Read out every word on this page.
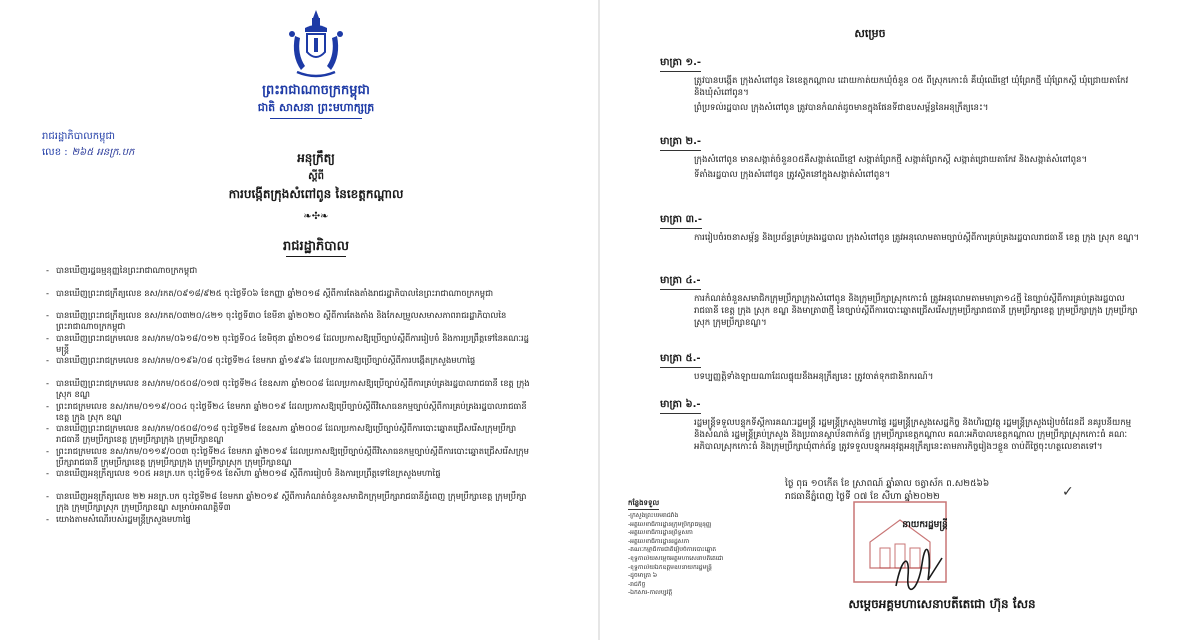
ព្រះរាជាណាចក្រកម្ពុជា
ជាតិ សាសនា ព្រះមហាក្សត្រ
រាជរដ្ឋាភិបាលកម្ពុជា
លេខ : ២៦៥ អនក្រ.បក	អនុក្រឹត្យ
ស្តីពី
ការបង្កើតក្រុងសំពៅពូន នៃខេត្តកណ្តាល
❧✣❧
រាជរដ្ឋាភិបាល
- បានឃើញរដ្ឋធម្មនុញ្ញនៃព្រះរាជាណាចក្រកម្ពុជា
- បានឃើញព្រះរាជក្រឹត្យលេខ នស/រកត/០៩១៨/៩២៥ ចុះថ្ងៃទី០៦ ខែកញ្ញា ឆ្នាំ២០១៨ ស្តីពីការតែងតាំងរាជរដ្ឋាភិបាលនៃព្រះរាជាណាចក្រកម្ពុជា
- បានឃើញព្រះរាជក្រឹត្យលេខ នស/រកត/០៣២០/៤២១ ចុះថ្ងៃទី៣០ ខែមីនា ឆ្នាំ២០២០ ស្តីពីការតែងតាំង និងកែសម្រួលសមាសភាពរាជរដ្ឋាភិបាលនៃព្រះរាជាណាចក្រកម្ពុជា
- បានឃើញព្រះរាជក្រមលេខ នស/រកម/០៦១៨/០១២ ចុះថ្ងៃទី០៤ ខែមិថុនា ឆ្នាំ២០១៨ ដែលប្រកាសឱ្យប្រើច្បាប់ស្តីពីការរៀបចំ និងការប្រព្រឹត្តទៅនៃគណៈរដ្ឋមន្ត្រី
- បានឃើញព្រះរាជក្រមលេខ នស/រកម/០១៩៦/០៨ ចុះថ្ងៃទី២៤ ខែមករា ឆ្នាំ១៩៩៦ ដែលប្រកាសឱ្យប្រើច្បាប់ស្តីពីការបង្កើតក្រសួងមហាផ្ទៃ
- បានឃើញព្រះរាជក្រមលេខ នស/រកម/០៥០៨/០១៧ ចុះថ្ងៃទី២៤ ខែឧសភា ឆ្នាំ២០០៨ ដែលប្រកាសឱ្យប្រើច្បាប់ស្តីពីការគ្រប់គ្រងរដ្ឋបាលរាជធានី ខេត្ត ក្រុង ស្រុក ខណ្ឌ
- ព្រះរាជក្រមលេខ នស/រកម/០១១៩/០០៤ ចុះថ្ងៃទី២៤ ខែមករា ឆ្នាំ២០១៩ ដែលប្រកាសឱ្យប្រើច្បាប់ស្តីពីវិសោធនកម្មច្បាប់ស្តីពីការគ្រប់គ្រងរដ្ឋបាលរាជធានី ខេត្ត ក្រុង ស្រុក ខណ្ឌ
- បានឃើញព្រះរាជក្រមលេខ នស/រកម/០៥០៨/០១៨ ចុះថ្ងៃទី២៨ ខែឧសភា ឆ្នាំ២០០៨ ដែលប្រកាសឱ្យប្រើច្បាប់ស្តីពីការបោះឆ្នោតជ្រើសរើសក្រុមប្រឹក្សារាជធានី ក្រុមប្រឹក្សាខេត្ត ក្រុមប្រឹក្សាក្រុង ក្រុមប្រឹក្សាខណ្ឌ
- ព្រះរាជក្រមលេខ នស/រកម/០១១៩/០០៣ ចុះថ្ងៃទី២៤ ខែមករា ឆ្នាំ២០១៩ ដែលប្រកាសឱ្យប្រើច្បាប់ស្តីពីវិសោធនកម្មច្បាប់ស្តីពីការបោះឆ្នោតជ្រើសរើសក្រុមប្រឹក្សារាជធានី ក្រុមប្រឹក្សាខេត្ត ក្រុមប្រឹក្សាក្រុង ក្រុមប្រឹក្សាស្រុក ក្រុមប្រឹក្សាខណ្ឌ
- បានឃើញអនុក្រឹត្យលេខ ១០៥ អនក្រ.បក ចុះថ្ងៃទី១៥ ខែសីហា ឆ្នាំ២០១៨ ស្តីពីការរៀបចំ និងការប្រព្រឹត្តទៅនៃក្រសួងមហាផ្ទៃ
- បានឃើញអនុក្រឹត្យលេខ ២២ អនក្រ.បក ចុះថ្ងៃទី២៨ ខែមករា ឆ្នាំ២០១៩ ស្តីពីការកំណត់ចំនួនសមាជិកក្រុមប្រឹក្សារាជធានីភ្នំពេញ ក្រុមប្រឹក្សាខេត្ត ក្រុមប្រឹក្សាក្រុង ក្រុមប្រឹក្សាស្រុក ក្រុមប្រឹក្សាខណ្ឌ សម្រាប់អាណត្តិទី៣
- យោងតាមសំណើរបស់រដ្ឋមន្ត្រីក្រសួងមហាផ្ទៃ
សម្រេច
មាត្រា ១.-

ត្រូវបានបង្កើត ក្រុងសំពៅពូន នៃខេត្តកណ្តាល ដោយកាត់យកឃុំចំនួន ០៥ ពីស្រុកកោះធំ គឺឃុំឈើខ្មៅ ឃុំព្រែកថ្មី ឃុំព្រែកស្តី ឃុំជ្រោយតាកែវ និងឃុំសំពៅពូន។

ព្រំប្រទល់រដ្ឋបាល ក្រុងសំពៅពូន ត្រូវបានកំណត់ដូចមានក្នុងផែនទីជាឧបសម្ព័ន្ធនៃអនុក្រឹត្យនេះ។

មាត្រា ២.-

ក្រុងសំពៅពូន មានសង្កាត់ចំនួន០៥គឺសង្កាត់ឈើខ្មៅ សង្កាត់ព្រែកថ្មី សង្កាត់ព្រែកស្តី សង្កាត់ជ្រោយតាកែវ និងសង្កាត់សំពៅពូន។

ទីតាំងរដ្ឋបាល ក្រុងសំពៅពូន ត្រូវស្ថិតនៅក្នុងសង្កាត់សំពៅពូន។

មាត្រា ៣.-

ការរៀបចំរចនាសម្ព័ន្ធ និងប្រព័ន្ធគ្រប់គ្រងរដ្ឋបាល ក្រុងសំពៅពូន ត្រូវអនុលោមតាមច្បាប់ស្តីពីការគ្រប់គ្រងរដ្ឋបាលរាជធានី ខេត្ត ក្រុង ស្រុក ខណ្ឌ។

មាត្រា ៤.-

ការកំណត់ចំនួនសមាជិកក្រុមប្រឹក្សាក្រុងសំពៅពូន និងក្រុមប្រឹក្សាស្រុកកោះធំ ត្រូវអនុលោមតាមមាត្រា១៤ថ្មី នៃច្បាប់ស្តីពីការគ្រប់គ្រងរដ្ឋបាលរាជធានី ខេត្ត ក្រុង ស្រុក ខណ្ឌ និងមាត្រា៣ថ្មី នៃច្បាប់ស្តីពីការបោះឆ្នោតជ្រើសរើសក្រុមប្រឹក្សារាជធានី ក្រុមប្រឹក្សាខេត្ត ក្រុមប្រឹក្សាក្រុង ក្រុមប្រឹក្សាស្រុក ក្រុមប្រឹក្សាខណ្ឌ។

មាត្រា ៥.-

បទប្បញ្ញត្តិទាំងឡាយណាដែលផ្ទុយនឹងអនុក្រឹត្យនេះ ត្រូវចាត់ទុកជានិរាករណ៍។

មាត្រា ៦.-

រដ្ឋមន្ត្រីទទួលបន្ទុកទីស្តីការគណៈរដ្ឋមន្ត្រី រដ្ឋមន្ត្រីក្រសួងមហាផ្ទៃ រដ្ឋមន្ត្រីក្រសួងសេដ្ឋកិច្ច និងហិរញ្ញវត្ថុ រដ្ឋមន្ត្រីក្រសួងរៀបចំដែនដី នគរូបនីយកម្ម និងសំណង់ រដ្ឋមន្ត្រីគ្រប់ក្រសួង និងប្រធានស្ថាប័នពាក់ព័ន្ធ ក្រុមប្រឹក្សាខេត្តកណ្តាល គណៈអភិបាលខេត្តកណ្តាល ក្រុមប្រឹក្សាស្រុកកោះធំ គណៈអភិបាលស្រុកកោះធំ និងក្រុមប្រឹក្សាឃុំពាក់ព័ន្ធ ត្រូវទទួលបន្ទុកអនុវត្តអនុក្រឹត្យនេះតាមភារកិច្ចរៀងៗខ្លួន ចាប់ពីថ្ងៃចុះហត្ថលេខាតទៅ។

ថ្ងៃ ពុធ ១០កើត ខែ ស្រាពណ៍ ឆ្នាំឆាល ចត្វាស័ក ព.ស២៥៦៦
រាជធានីភ្នំពេញ ថ្ងៃទី ០៧ ខែ សីហា ឆ្នាំ២០២២	✓
នាយករដ្ឋមន្ត្រី
សម្តេចអគ្គមហាសេនាបតីតេជោ ហ៊ុន សែន
កន្លែងទទួល
-ក្រសួងព្រះបរមរាជវាំង
-អគ្គលេខាធិការដ្ឋានក្រុមប្រឹក្សាធម្មនុញ្ញ
-អគ្គលេខាធិការដ្ឋានព្រឹទ្ធសភា
-អគ្គលេខាធិការដ្ឋានរដ្ឋសភា
-គណៈកម្មាធិការជាតិរៀបចំការបោះឆ្នោត
-ខុទ្ទកាល័យសម្តេចអគ្គមហាសេនាបតីតេជោ
-ខុទ្ទកាល័យឯកឧត្តមឧបនាយករដ្ឋមន្ត្រី
-ដូចមាត្រា ៦
-រាជកិច្ច
-ឯកសារ-កាលប្បវត្តិ
